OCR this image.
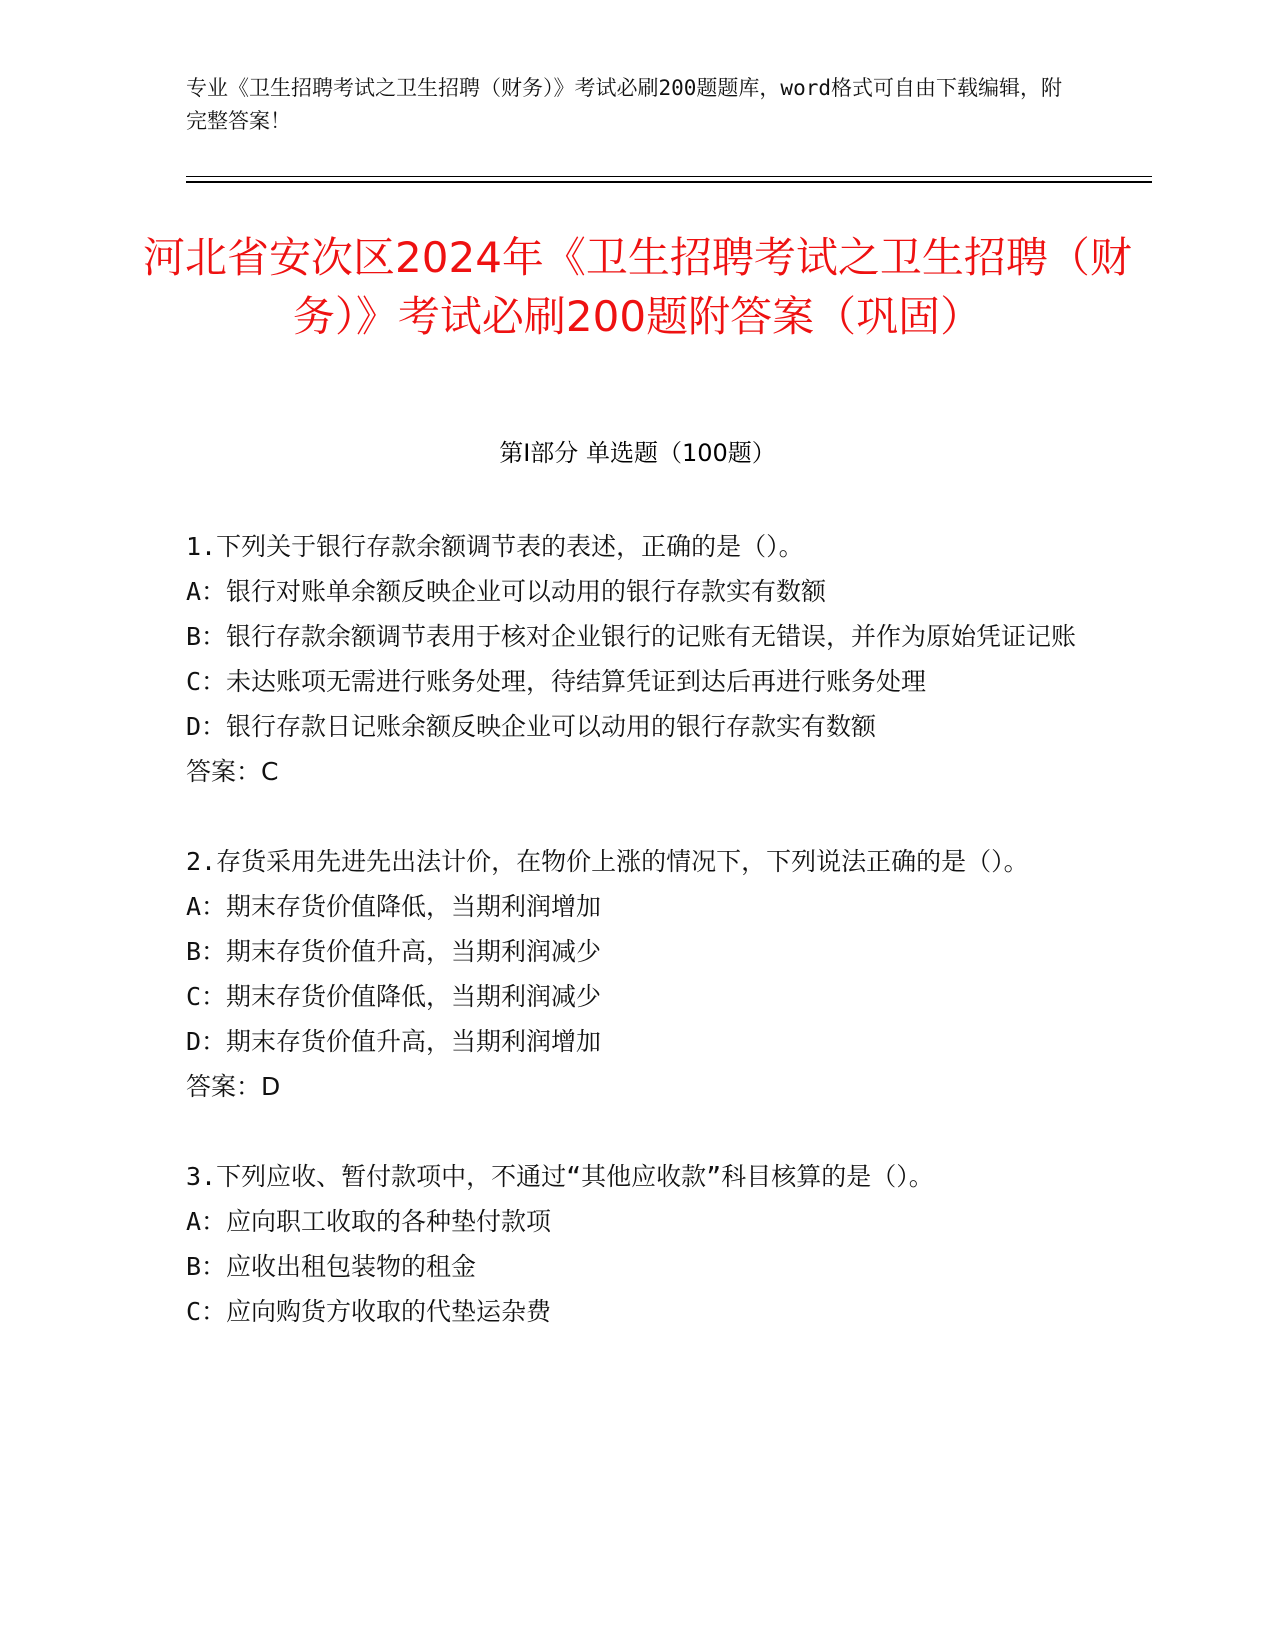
专业《卫生招聘考试之卫生招聘（财务）》考试必刷200题题库，word格式可自由下载编辑，附完整答案！
河北省安次区2024年《卫生招聘考试之卫生招聘（财务）》考试必刷200题附答案（巩固）
第Ⅰ部分 单选题（100题）

1.下列关于银行存款余额调节表的表述，正确的是（）。

A：银行对账单余额反映企业可以动用的银行存款实有数额

B：银行存款余额调节表用于核对企业银行的记账有无错误，并作为原始凭证记账

C：未达账项无需进行账务处理，待结算凭证到达后再进行账务处理

D：银行存款日记账余额反映企业可以动用的银行存款实有数额

答案：C

2.存货采用先进先出法计价，在物价上涨的情况下，下列说法正确的是（）。

A：期末存货价值降低，当期利润增加

B：期末存货价值升高，当期利润减少

C：期末存货价值降低，当期利润减少

D：期末存货价值升高，当期利润增加

答案：D

3.下列应收、暂付款项中，不通过“其他应收款”科目核算的是（）。

A：应向职工收取的各种垫付款项

B：应收出租包装物的租金

C：应向购货方收取的代垫运杂费
